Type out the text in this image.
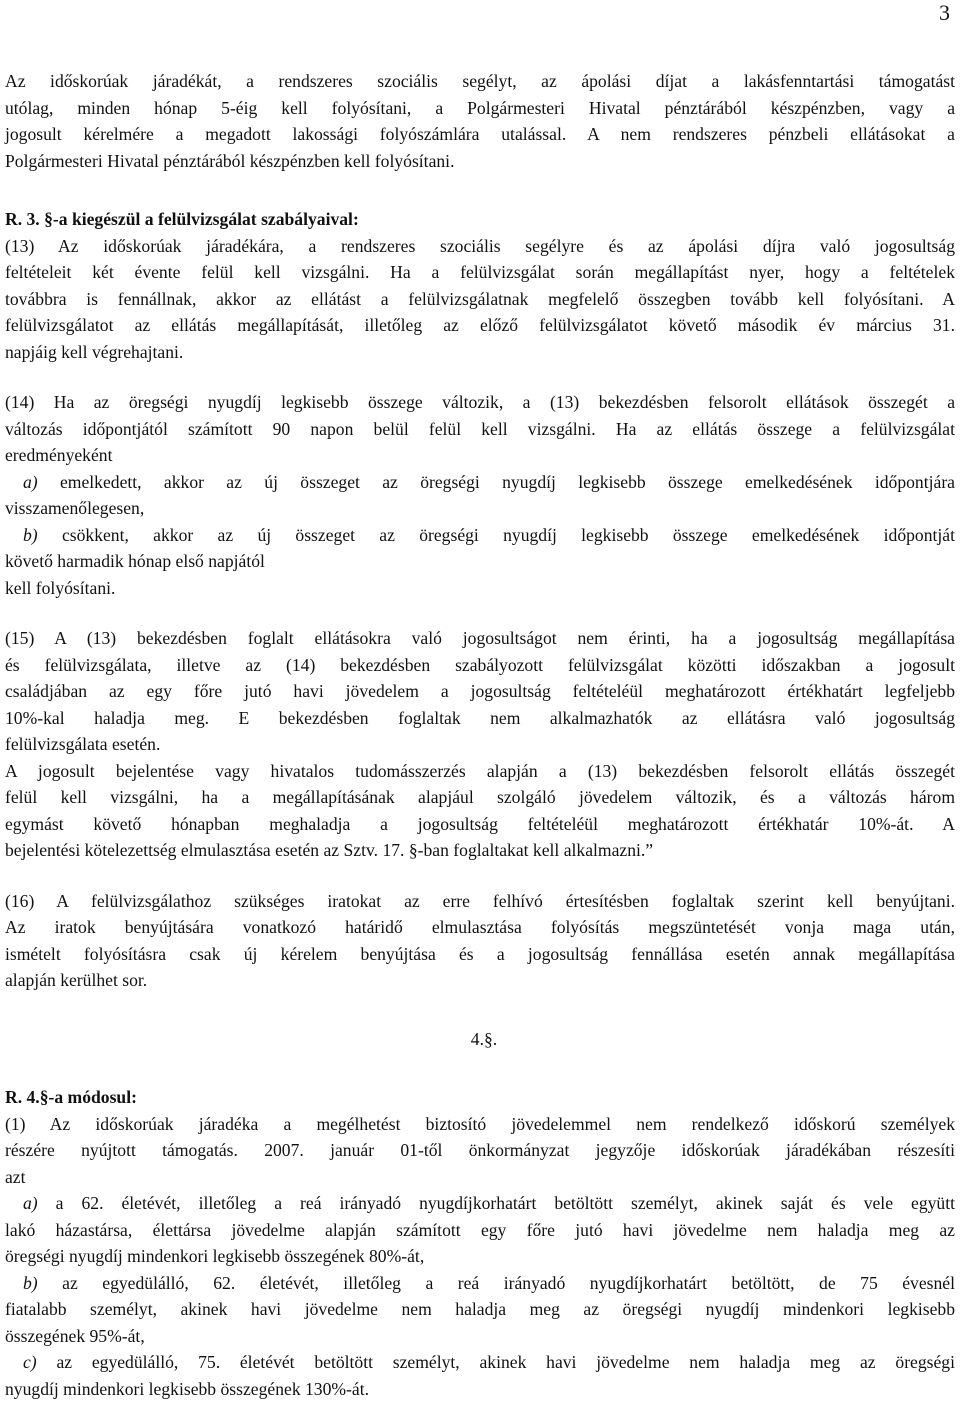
3

Az időskorúak járadékát, a rendszeres szociális segélyt, az ápolási díjat a lakásfenntartási támogatást

utólag, minden hónap 5-éig kell folyósítani, a Polgármesteri Hivatal pénztárából készpénzben, vagy a

jogosult kérelmére a megadott lakossági folyószámlára utalással. A nem rendszeres pénzbeli ellátásokat a

Polgármesteri Hivatal pénztárából készpénzben kell folyósítani.

R. 3. §-a kiegészül a felülvizsgálat szabályaival:

(13) Az időskorúak járadékára, a rendszeres szociális segélyre és az ápolási díjra való jogosultság

feltételeit két évente felül kell vizsgálni. Ha a felülvizsgálat során megállapítást nyer, hogy a feltételek

továbbra is fennállnak, akkor az ellátást a felülvizsgálatnak megfelelő összegben tovább kell folyósítani. A

felülvizsgálatot az ellátás megállapítását, illetőleg az előző felülvizsgálatot követő második év március 31.

napjáig kell végrehajtani.

(14) Ha az öregségi nyugdíj legkisebb összege változik, a (13) bekezdésben felsorolt ellátások összegét a

változás időpontjától számított 90 napon belül felül kell vizsgálni. Ha az ellátás összege a felülvizsgálat

eredményeként

a) emelkedett, akkor az új összeget az öregségi nyugdíj legkisebb összege emelkedésének időpontjára

visszamenőlegesen,

b) csökkent, akkor az új összeget az öregségi nyugdíj legkisebb összege emelkedésének időpontját

követő harmadik hónap első napjától

kell folyósítani.

(15) A (13) bekezdésben foglalt ellátásokra való jogosultságot nem érinti, ha a jogosultság megállapítása

és felülvizsgálata, illetve az (14) bekezdésben szabályozott felülvizsgálat közötti időszakban a jogosult

családjában az egy főre jutó havi jövedelem a jogosultság feltételéül meghatározott értékhatárt legfeljebb

10%-kal haladja meg. E bekezdésben foglaltak nem alkalmazhatók az ellátásra való jogosultság

felülvizsgálata esetén.

A jogosult bejelentése vagy hivatalos tudomásszerzés alapján a (13) bekezdésben felsorolt ellátás összegét

felül kell vizsgálni, ha a megállapításának alapjául szolgáló jövedelem változik, és a változás három

egymást követő hónapban meghaladja a jogosultság feltételéül meghatározott értékhatár 10%-át. A

bejelentési kötelezettség elmulasztása esetén az Sztv. 17. §-ban foglaltakat kell alkalmazni.”

(16) A felülvizsgálathoz szükséges iratokat az erre felhívó értesítésben foglaltak szerint kell benyújtani.

Az iratok benyújtására vonatkozó határidő elmulasztása folyósítás megszüntetését vonja maga után,

ismételt folyósításra csak új kérelem benyújtása és a jogosultság fennállása esetén annak megállapítása

alapján kerülhet sor.

4.§.

R. 4.§-a módosul:

(1) Az időskorúak járadéka a megélhetést biztosító jövedelemmel nem rendelkező időskorú személyek

részére nyújtott támogatás. 2007. január 01-től önkormányzat jegyzője időskorúak járadékában részesíti

azt

a) a 62. életévét, illetőleg a reá irányadó nyugdíjkorhatárt betöltött személyt, akinek saját és vele együtt

lakó házastársa, élettársa jövedelme alapján számított egy főre jutó havi jövedelme nem haladja meg az

öregségi nyugdíj mindenkori legkisebb összegének 80%-át,

b) az egyedülálló, 62. életévét, illetőleg a reá irányadó nyugdíjkorhatárt betöltött, de 75 évesnél

fiatalabb személyt, akinek havi jövedelme nem haladja meg az öregségi nyugdíj mindenkori legkisebb

összegének 95%-át,

c) az egyedülálló, 75. életévét betöltött személyt, akinek havi jövedelme nem haladja meg az öregségi

nyugdíj mindenkori legkisebb összegének 130%-át.
